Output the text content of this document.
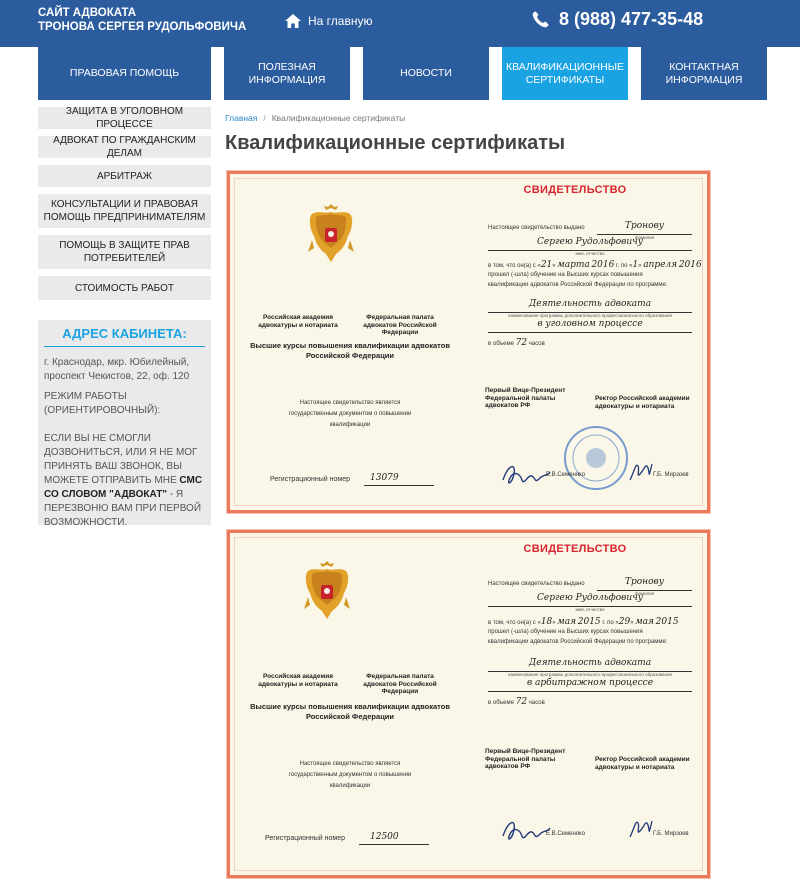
САЙТ АДВОКАТА
ТРОНОВА СЕРГЕЯ РУДОЛЬФОВИЧА	На главную	8 (988) 477-35-48
ПРАВОВАЯ ПОМОЩЬ
ПОЛЕЗНАЯ ИНФОРМАЦИЯ
НОВОСТИ
КВАЛИФИКАЦИОННЫЕ СЕРТИФИКАТЫ
КОНТАКТНАЯ ИНФОРМАЦИЯ
ЗАЩИТА В УГОЛОВНОМ ПРОЦЕССЕ
АДВОКАТ ПО ГРАЖДАНСКИМ ДЕЛАМ
АРБИТРАЖ
КОНСУЛЬТАЦИИ И ПРАВОВАЯ ПОМОЩЬ ПРЕДПРИНИМАТЕЛЯМ
ПОМОЩЬ В ЗАЩИТЕ ПРАВ ПОТРЕБИТЕЛЕЙ
СТОИМОСТЬ РАБОТ
АДРЕС КАБИНЕТА:
г. Краснодар, мкр. Юбилейный, проспект Чекистов, 22, оф. 120
РЕЖИМ РАБОТЫ (ОРИЕНТИРОВОЧНЫЙ):
ЕСЛИ ВЫ НЕ СМОГЛИ ДОЗВОНИТЬСЯ, ИЛИ Я НЕ МОГ ПРИНЯТЬ ВАШ ЗВОНОК, ВЫ МОЖЕТЕ ОТПРАВИТЬ МНЕ СМС СО СЛОВОМ "АДВОКАТ" - Я ПЕРЕЗВОНЮ ВАМ ПРИ ПЕРВОЙ ВОЗМОЖНОСТИ.
Главная / Квалификационные сертификаты
Квалификационные сертификаты
СВИДЕТЕЛЬСТВО
Настоящее свидетельство выдано	Тронову
фамилия
Сергею Рудольфовичу
имя, отчество
в том, что он(а) с «21» марта 2016 г. по «1» апреля 2016
прошел (-шла) обучение на Высших курсах повышения
квалификации адвокатов Российской Федерации по программе:
Деятельность адвоката
наименование программы дополнительного профессионального образования
в уголовном процессе
в объеме 72 часов
Российская академия адвокатуры и нотариата
Федеральная палата адвокатов Российской Федерации
Высшие курсы повышения квалификации адвокатов Российской Федерации
Настоящее свидетельство является государственным документом о повышении квалификации
Первый Вице-Президент Федеральной палаты адвокатов РФ
Ректор Российской академии адвокатуры и нотариата
Е.В.Семеняко	Г.Б. Мирзоев
Регистрационный номер 13079
СВИДЕТЕЛЬСТВО
Настоящее свидетельство выдано	Тронову
фамилия
Сергею Рудольфовичу
имя, отчество
в том, что он(а) с «18» мая 2015 г. по «29» мая 2015
прошел (-шла) обучение на Высших курсах повышения
квалификации адвокатов Российской Федерации по программе:
Деятельность адвоката
наименование программы дополнительного профессионального образования
в арбитражном процессе
в объеме 72 часов
Российская академия адвокатуры и нотариата
Федеральная палата адвокатов Российской Федерации
Высшие курсы повышения квалификации адвокатов Российской Федерации
Настоящее свидетельство является государственным документом о повышении квалификации
Первый Вице-Президент Федеральной палаты адвокатов РФ
Ректор Российской академии адвокатуры и нотариата
Е.В.Семеняко	Г.Б. Мирзоев
Регистрационный номер	12500
